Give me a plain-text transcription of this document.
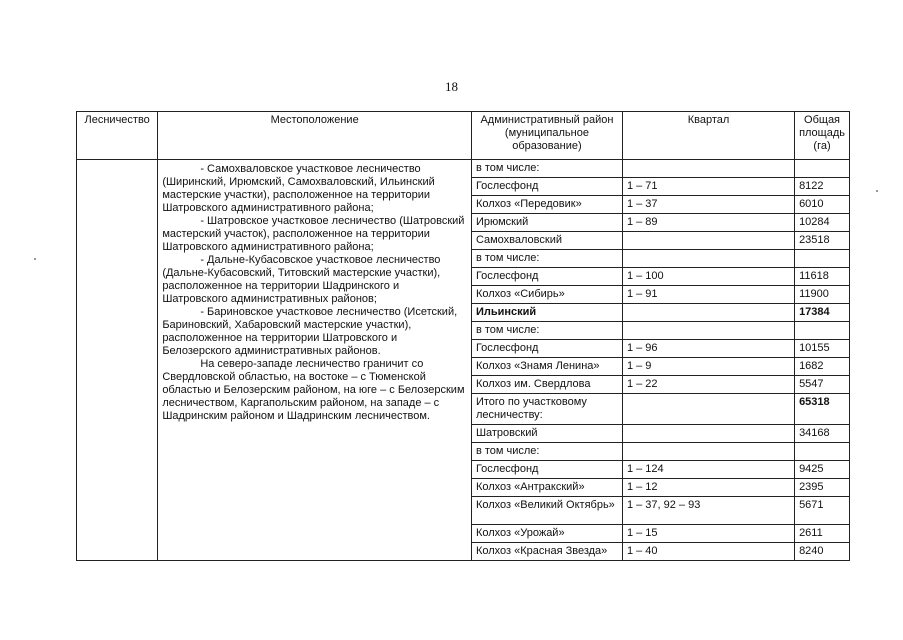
18
Лесничество	Местоположение	Административный район (муниципальное образование)	Квартал	Общая площадь (га)

	- Самохваловское участковое лесничество (Ширинский, Ирюмский, Самохваловский, Ильинский мастерские участки), расположенное на территории Шатровского административного района;

- Шатровское участковое лесничество (Шатровский мастерский участок), расположенное на территории Шатровского административного района;

- Дальне-Кубасовское участковое лесничество (Дальне-Кубасовский, Титовский мастерские участки), расположенное на территории Шадринского и Шатровского административных районов;

- Бариновское участковое лесничество (Исетский, Бариновский, Хабаровский мастерские участки), расположенное на территории Шатровского и Белозерского административных районов.

На северо-западе лесничество граничит со Свердловской областью, на востоке – с Тюменской областью и Белозерским районом, на юге – с Белозерским лесничеством, Каргапольским районом, на западе – с Шадринским районом и Шадринским лесничеством.	в том числе:		
		Гослесфонд	1 – 71	8122
		Колхоз «Передовик»	1 – 37	6010
		Ирюмский	1 – 89	10284
		Самохваловский		23518
		в том числе:		
		Гослесфонд	1 – 100	11618
		Колхоз «Сибирь»	1 – 91	11900
		Ильинский		17384
		в том числе:		
		Гослесфонд	1 – 96	10155
		Колхоз «Знамя Ленина»	1 – 9	1682
		Колхоз им. Свердлова	1 – 22	5547
		Итого по участковому лесничеству:		65318
		Шатровский		34168
		в том числе:		
		Гослесфонд	1 – 124	9425
		Колхоз «Антракский»	1 – 12	2395
		Колхоз «Великий Октябрь»	1 – 37, 92 – 93	5671
		Колхоз «Урожай»	1 – 15	2611
		Колхоз «Красная Звезда»	1 – 40	8240
